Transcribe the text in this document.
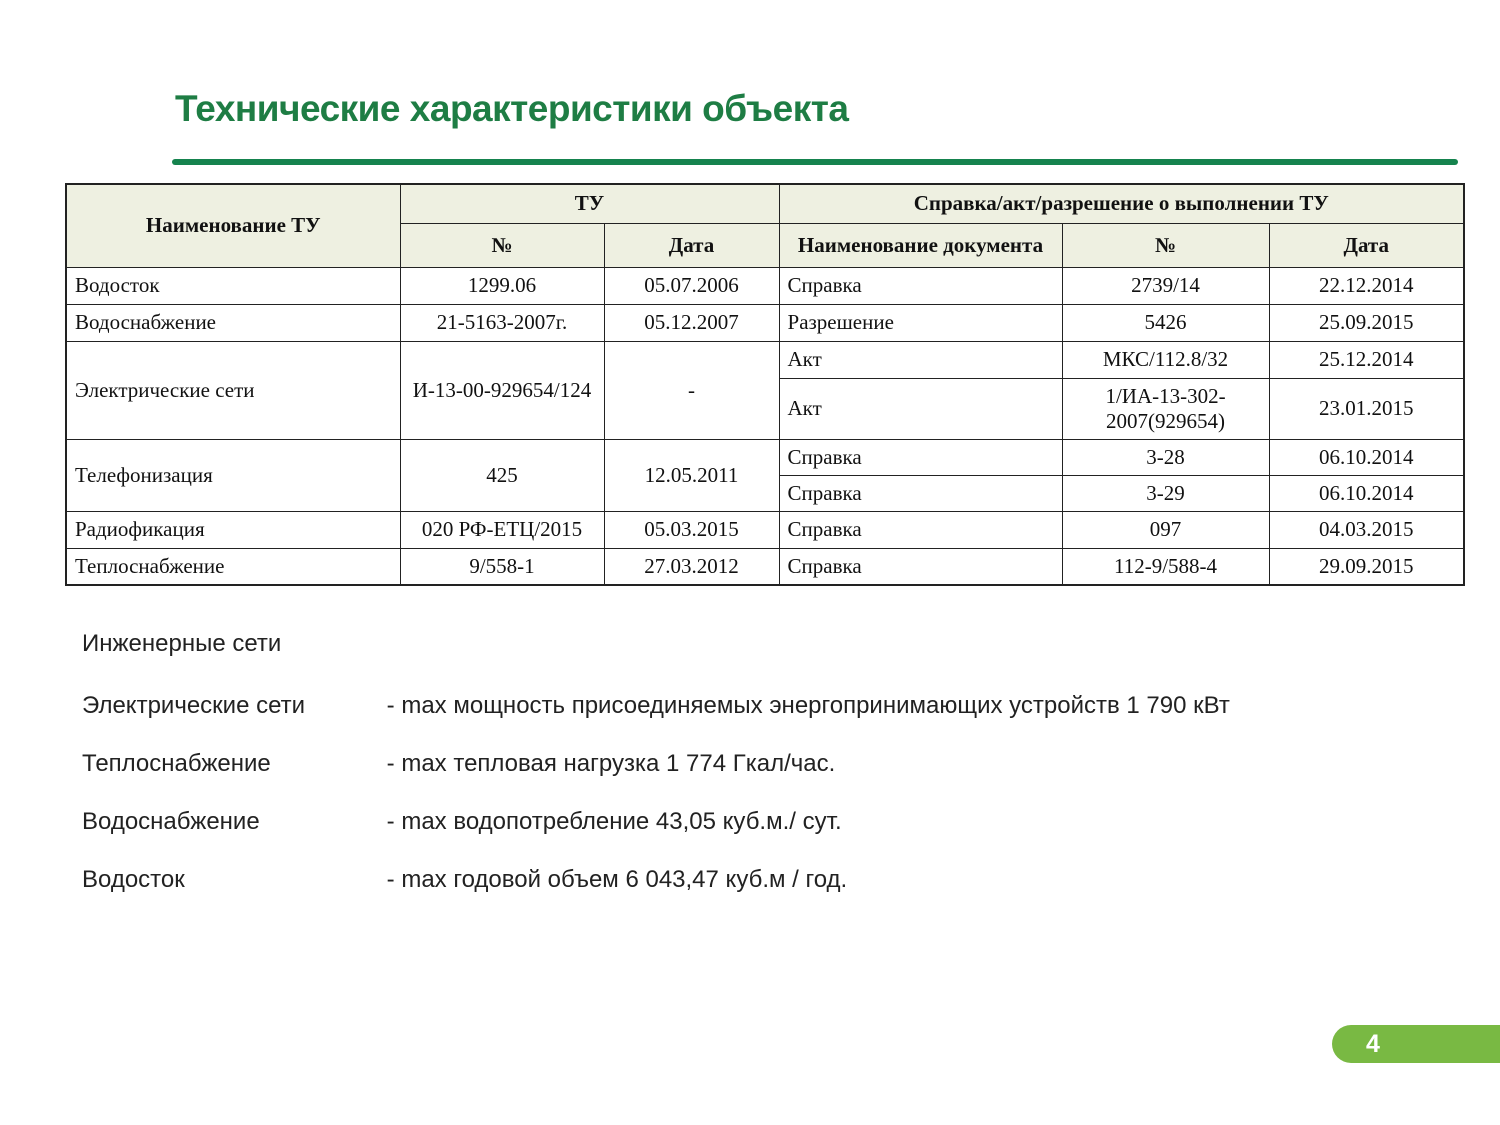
Технические характеристики объекта
Наименование ТУ	ТУ		Справка/акт/разрешение о выполнении ТУ		
	№	Дата	Наименование документа	№	Дата
Водосток	1299.06	05.07.2006	Справка	2739/14	22.12.2014
Водоснабжение	21-5163-2007г.	05.12.2007	Разрешение	5426	25.09.2015
Электрические сети	И-13-00-929654/124	-	Акт	МКС/112.8/32	25.12.2014
			Акт	1/ИА-13-302-2007(929654)	23.01.2015
Телефонизация	425	12.05.2011	Справка	3-28	06.10.2014
			Справка	3-29	06.10.2014
Радиофикация	020 РФ-ЕТЦ/2015	05.03.2015	Справка	097	04.03.2015
Теплоснабжение	9/558-1	27.03.2012	Справка	112-9/588-4	29.09.2015

Инженерные сети

Электрические сети	- max мощность присоединяемых энергопринимающих устройств 1 790 кВт
Теплоснабжение	- max тепловая нагрузка 1 774 Гкал/час.
Водоснабжение	- max водопотребление 43,05 куб.м./ сут.
Водосток	- max годовой объем 6 043,47 куб.м / год.
4
